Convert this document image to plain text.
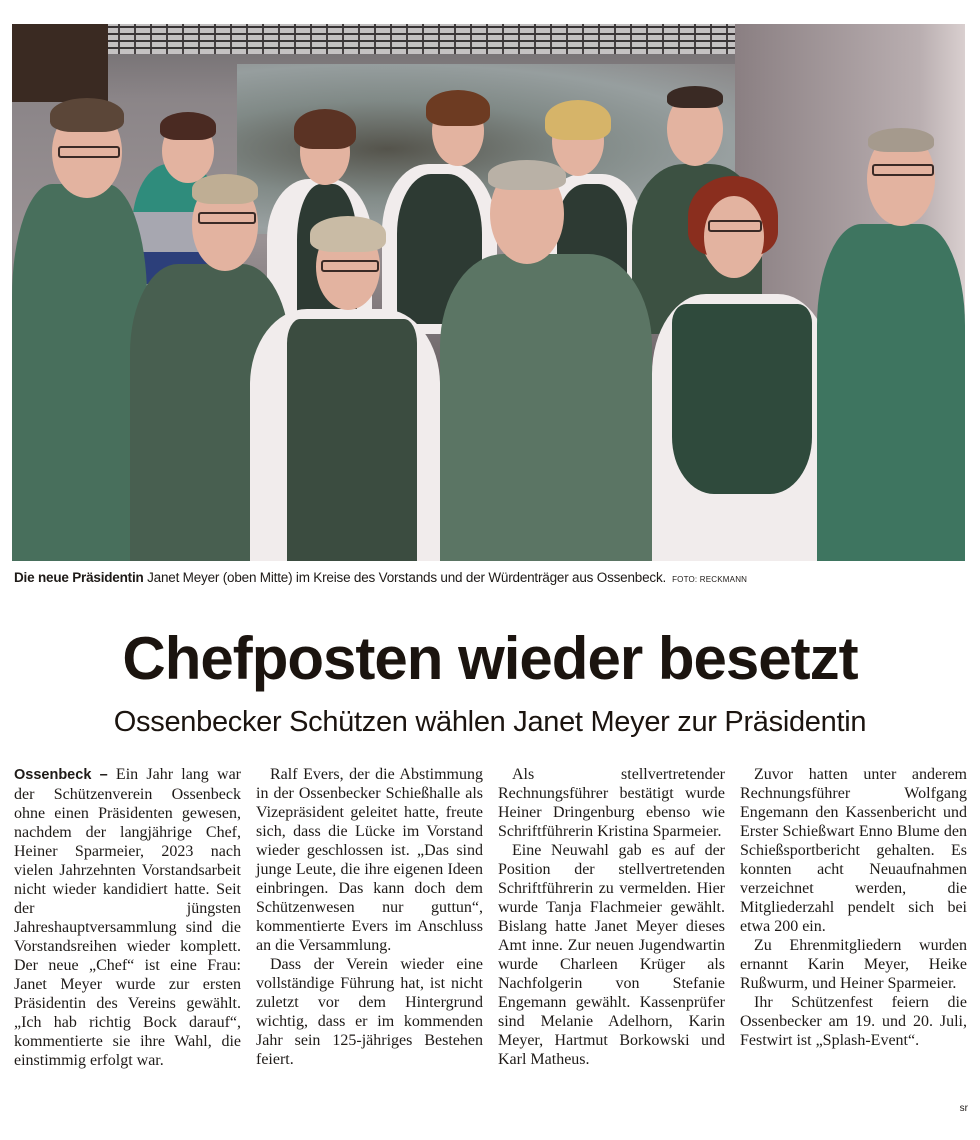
Die neue Präsidentin Janet Meyer (oben Mitte) im Kreise des Vorstands und der Würdenträger aus Ossenbeck. FOTO: RECKMANN
Chefposten wieder besetzt
Ossenbecker Schützen wählen Janet Meyer zur Präsidentin

Ossenbeck – Ein Jahr lang war der Schützenverein Ossenbeck ohne einen Präsidenten gewesen, nachdem der langjährige Chef, Heiner Sparmeier, 2023 nach vielen Jahrzehnten Vorstandsarbeit nicht wieder kandidiert hatte. Seit der jüngsten Jahreshauptversammlung sind die Vorstandsreihen wieder komplett. Der neue „Chef“ ist eine Frau: Janet Meyer wurde zur ersten Präsidentin des Vereins gewählt. „Ich hab richtig Bock darauf“, kommentierte sie ihre Wahl, die einstimmig erfolgt war.

Ralf Evers, der die Abstimmung in der Ossenbecker Schießhalle als Vizepräsident geleitet hatte, freute sich, dass die Lücke im Vorstand wieder geschlossen ist. „Das sind junge Leute, die ihre eigenen Ideen einbringen. Das kann doch dem Schützenwesen nur guttun“, kommentierte Evers im Anschluss an die Versammlung.

Dass der Verein wieder eine vollständige Führung hat, ist nicht zuletzt vor dem Hintergrund wichtig, dass er im kommenden Jahr sein 125-jähriges Bestehen feiert.

Als stellvertretender Rechnungsführer bestätigt wurde Heiner Dringenburg ebenso wie Schriftführerin Kristina Sparmeier.

Eine Neuwahl gab es auf der Position der stellvertretenden Schriftführerin zu vermelden. Hier wurde Tanja Flachmeier gewählt. Bislang hatte Janet Meyer dieses Amt inne. Zur neuen Jugendwartin wurde Charleen Krüger als Nachfolgerin von Stefanie Engemann gewählt. Kassenprüfer sind Melanie Adelhorn, Karin Meyer, Hartmut Borkowski und Karl Matheus.

Zuvor hatten unter anderem Rechnungsführer Wolfgang Engemann den Kassenbericht und Erster Schießwart Enno Blume den Schießsportbericht gehalten. Es konnten acht Neuaufnahmen verzeichnet werden, die Mitgliederzahl pendelt sich bei etwa 200 ein.

Zu Ehrenmitgliedern wurden ernannt Karin Meyer, Heike Rußwurm, und Heiner Sparmeier.

Ihr Schützenfest feiern die Ossenbecker am 19. und 20. Juli, Festwirt ist „Splash-Event“.

sr
